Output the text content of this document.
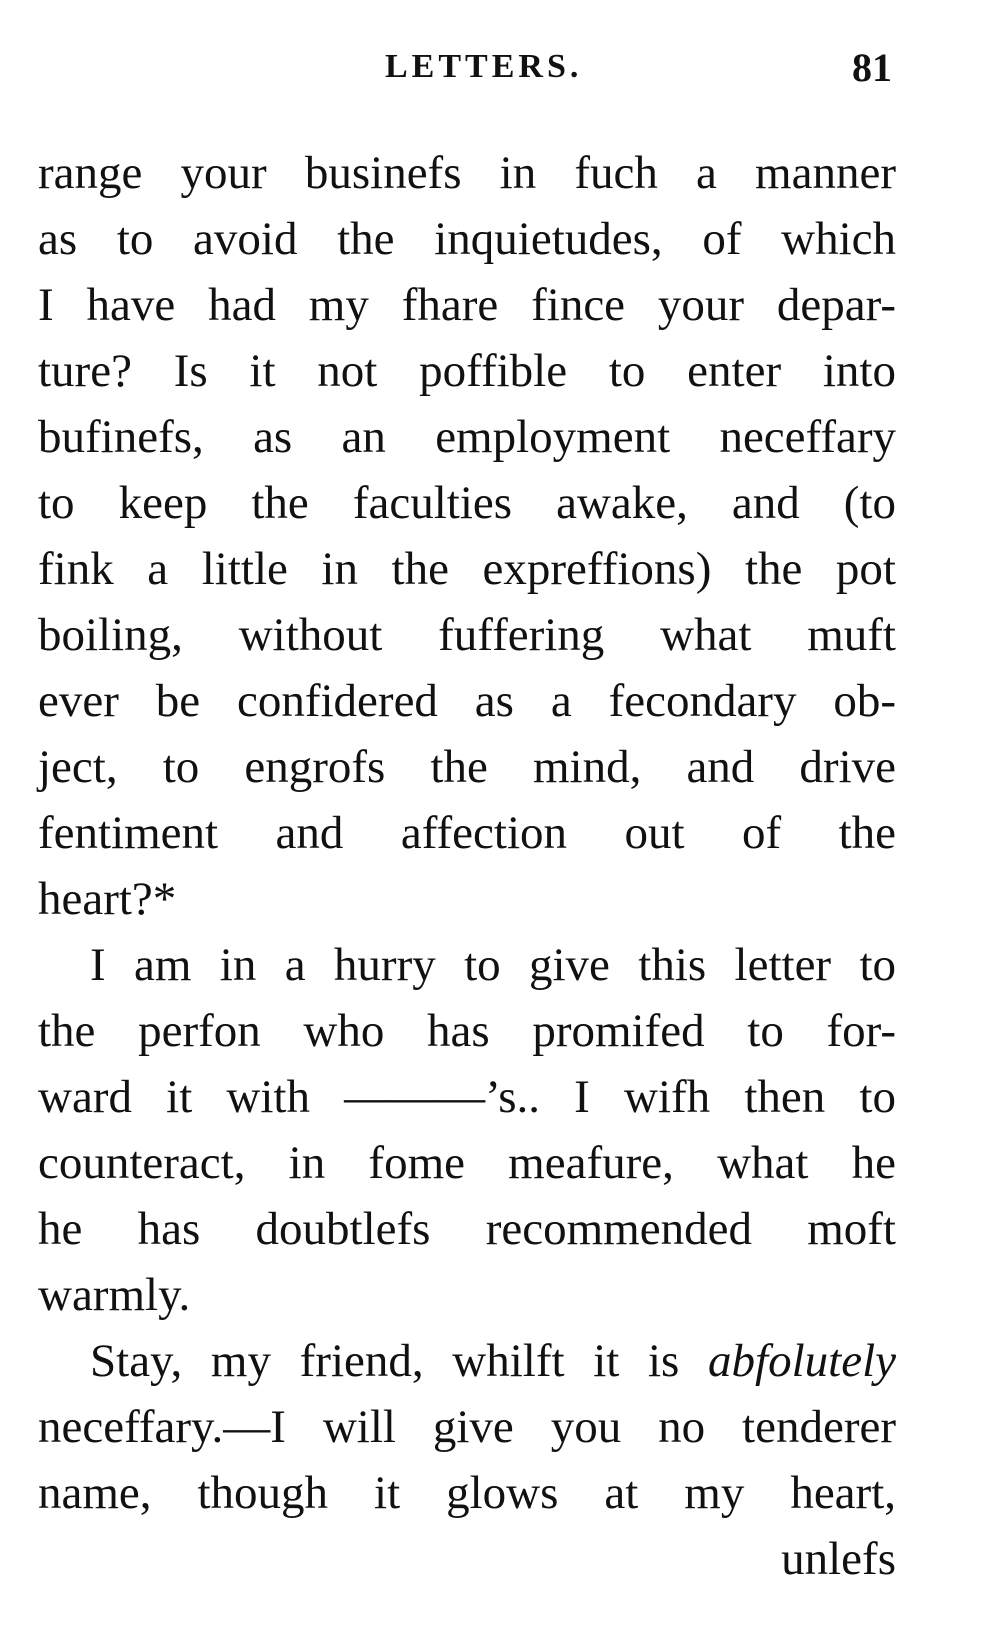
LETTERS.	81
range your businefs in fuch a manner
as to avoid the inquietudes, of which
I have had my fhare fince your depar-
ture? Is it not poffible to enter into
bufinefs, as an employment neceffary
to keep the faculties awake, and (to
fink a little in the expreffions) the pot
boiling, without fuffering what muft
ever be confidered as a fecondary ob-
ject, to engrofs the mind, and drive
fentiment and affection out of the
heart?*
I am in a hurry to give this letter to
the perfon who has promifed to for-
ward it with ———’s.. I wifh then to
counteract, in fome meafure, what he
he has doubtlefs recommended moft
warmly.
Stay, my friend, whilft it is abfolutely
neceffary.—I will give you no tenderer
name, though it glows at my heart,
unlefs
